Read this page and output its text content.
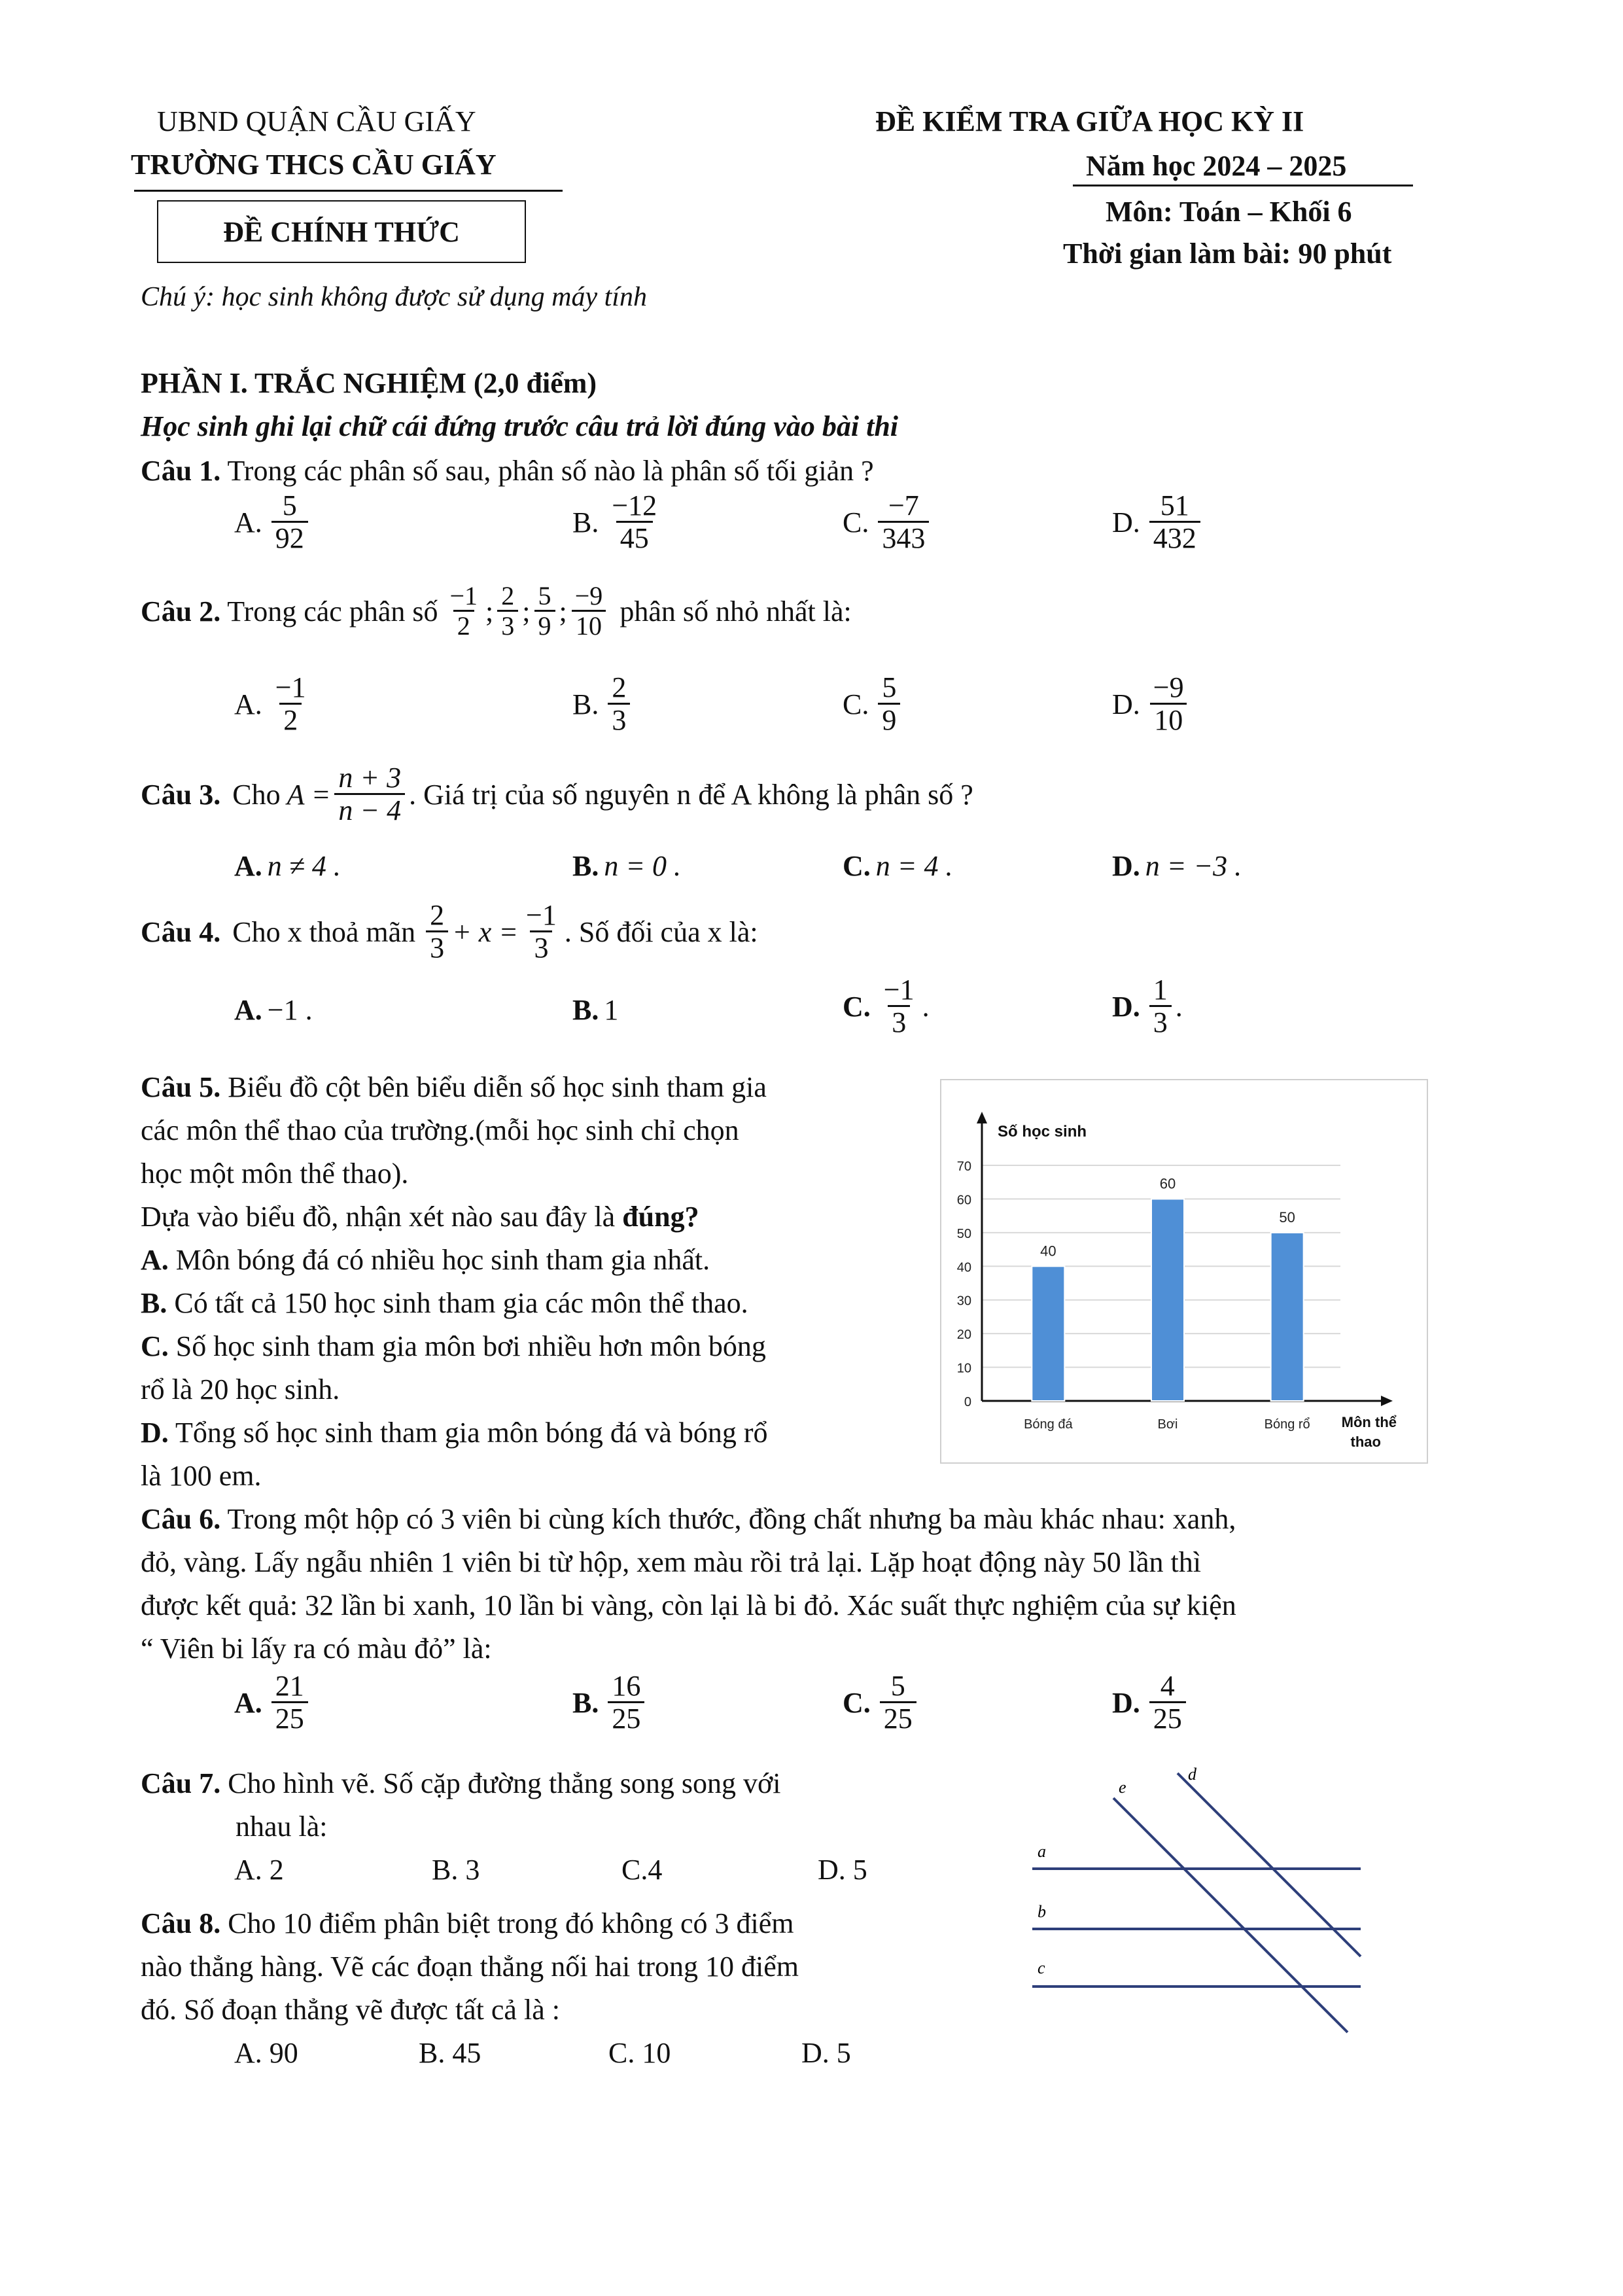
UBND QUẬN CẦU GIẤY
TRƯỜNG THCS CẦU GIẤY
ĐỀ CHÍNH THỨC
ĐỀ KIỂM TRA GIỮA HỌC KỲ II
Năm học 2024 – 2025
Môn: Toán – Khối 6
Thời gian làm bài: 90 phút
Chú ý: học sinh không được sử dụng máy tính
PHẦN I. TRẮC NGHIỆM (2,0 điểm)
Học sinh ghi lại chữ cái đứng trước câu trả lời đúng vào bài thi
Câu 1. Trong các phân số sau, phân số nào là phân số tối giản ?
A. $\frac{5}{92}$	B. $\frac{-12}{45}$	C. $\frac{-7}{343}$	D. $\frac{51}{432}$
Câu 2. Trong các phân số $\frac{-1}{2}$ ; $\frac{2}{3}$ ; $\frac{5}{9}$ ; $\frac{-9}{10}$ phân số nhỏ nhất là:
A. $\frac{-1}{2}$	B. $\frac{2}{3}$	C. $\frac{5}{9}$	D. $\frac{-9}{10}$
Câu 3. Cho $A = \frac{n + 3}{n - 4}$ . Giá trị của số nguyên n để A không là phân số ?
A. n ≠ 4 .	B. n = 0 .	C. n = 4 .	D. n = −3 .
Câu 4. Cho x thoả mãn $\frac{2}{3} + x = \frac{-1}{3}$ . Số đối của x là:
A. −1 .	B. 1	C. $\frac{-1}{3}$ .	D. $\frac{1}{3}$ .
Câu 5. Biểu đồ cột bên biểu diễn số học sinh tham gia
các môn thể thao của trường.(mỗi học sinh chỉ chọn
học một môn thể thao).
Dựa vào biểu đồ, nhận xét nào sau đây là đúng?
A. Môn bóng đá có nhiều học sinh tham gia nhất.
B. Có tất cả 150 học sinh tham gia các môn thể thao.
C. Số học sinh tham gia môn bơi nhiều hơn môn bóng
rổ là 20 học sinh.
D. Tổng số học sinh tham gia môn bóng đá và bóng rổ
là 100 em.
0
10
20
30
40
50
60
70
40
Bóng đá
60
Bơi
50
Bóng rổ
Số học sinh
Môn thể
thao
Câu 6. Trong một hộp có 3 viên bi cùng kích thước, đồng chất nhưng ba màu khác nhau: xanh,
đỏ, vàng. Lấy ngẫu nhiên 1 viên bi từ hộp, xem màu rồi trả lại. Lặp hoạt động này 50 lần thì
được kết quả: 32 lần bi xanh, 10 lần bi vàng, còn lại là bi đỏ. Xác suất thực nghiệm của sự kiện
“ Viên bi lấy ra có màu đỏ” là:
A. $\frac{21}{25}$	B. $\frac{16}{25}$	C. $\frac{5}{25}$	D. $\frac{4}{25}$
Câu 7. Cho hình vẽ. Số cặp đường thẳng song song với
nhau là:
A. 2	B. 3	C.4	D. 5
a
b
c
d
e
Câu 8. Cho 10 điểm phân biệt trong đó không có 3 điểm
nào thẳng hàng. Vẽ các đoạn thẳng nối hai trong 10 điểm
đó. Số đoạn thẳng vẽ được tất cả là :
A. 90	B. 45	C. 10	D. 5
